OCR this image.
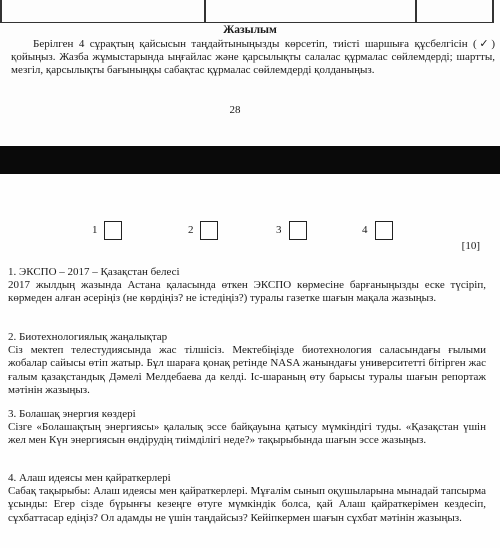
Жазылым
Берілген 4 сұрақтың қайсысын таңдайтыныңызды көрсетіп, тиісті шаршыға құсбелгісін (✓) қойыңыз. Жазба жұмыстарында ыңғайлас және қарсылықты салалас құрмалас сөйлемдерді; шартты, мезгіл, қарсылықты бағыныңқы сабақтас құрмалас сөйлемдерді қолданыңыз.
28
1	2	3	4
[10]
1. ЭКСПО – 2017 – Қазақстан белесі
2017 жылдың жазында Астана қаласында өткен ЭКСПО көрмесіне барғаныңызды еске түсіріп, көрмеден алған әсеріңіз (не көрдіңіз? не істедіңіз?) туралы газетке шағын мақала жазыңыз.
2. Биотехнологиялық жаңалықтар
Сіз мектеп телестудиясында жас тілшісіз. Мектебіңізде биотехнология саласындағы ғылыми жобалар сайысы өтіп жатыр. Бұл шараға қонақ ретінде NASA жанындағы университетті бітірген жас ғалым қазақстандық Дәмелі Мелдебаева да келді. Іс-шараның өту барысы туралы шағын репортаж мәтінін жазыңыз.
3. Болашақ энергия көздері
Сізге «Болашақтың энергиясы» қалалық эссе байқауына қатысу мүмкіндігі туды. «Қазақстан үшін жел мен Күн энергиясын өндірудің тиімділігі неде?» тақырыбында шағын эссе жазыңыз.
4. Алаш идеясы мен қайраткерлері
Сабақ тақырыбы: Алаш идеясы мен қайраткерлері. Мұғалім сынып оқушыларына мынадай тапсырма ұсынды: Егер сізде бүрынғы кезеңге өтуге мүмкіндік болса, қай Алаш қайраткерімен кездесіп, сұхбаттасар едіңіз? Ол адамды не үшін таңдайсыз? Кейіпкермен шағын сұхбат мәтінін жазыңыз.
